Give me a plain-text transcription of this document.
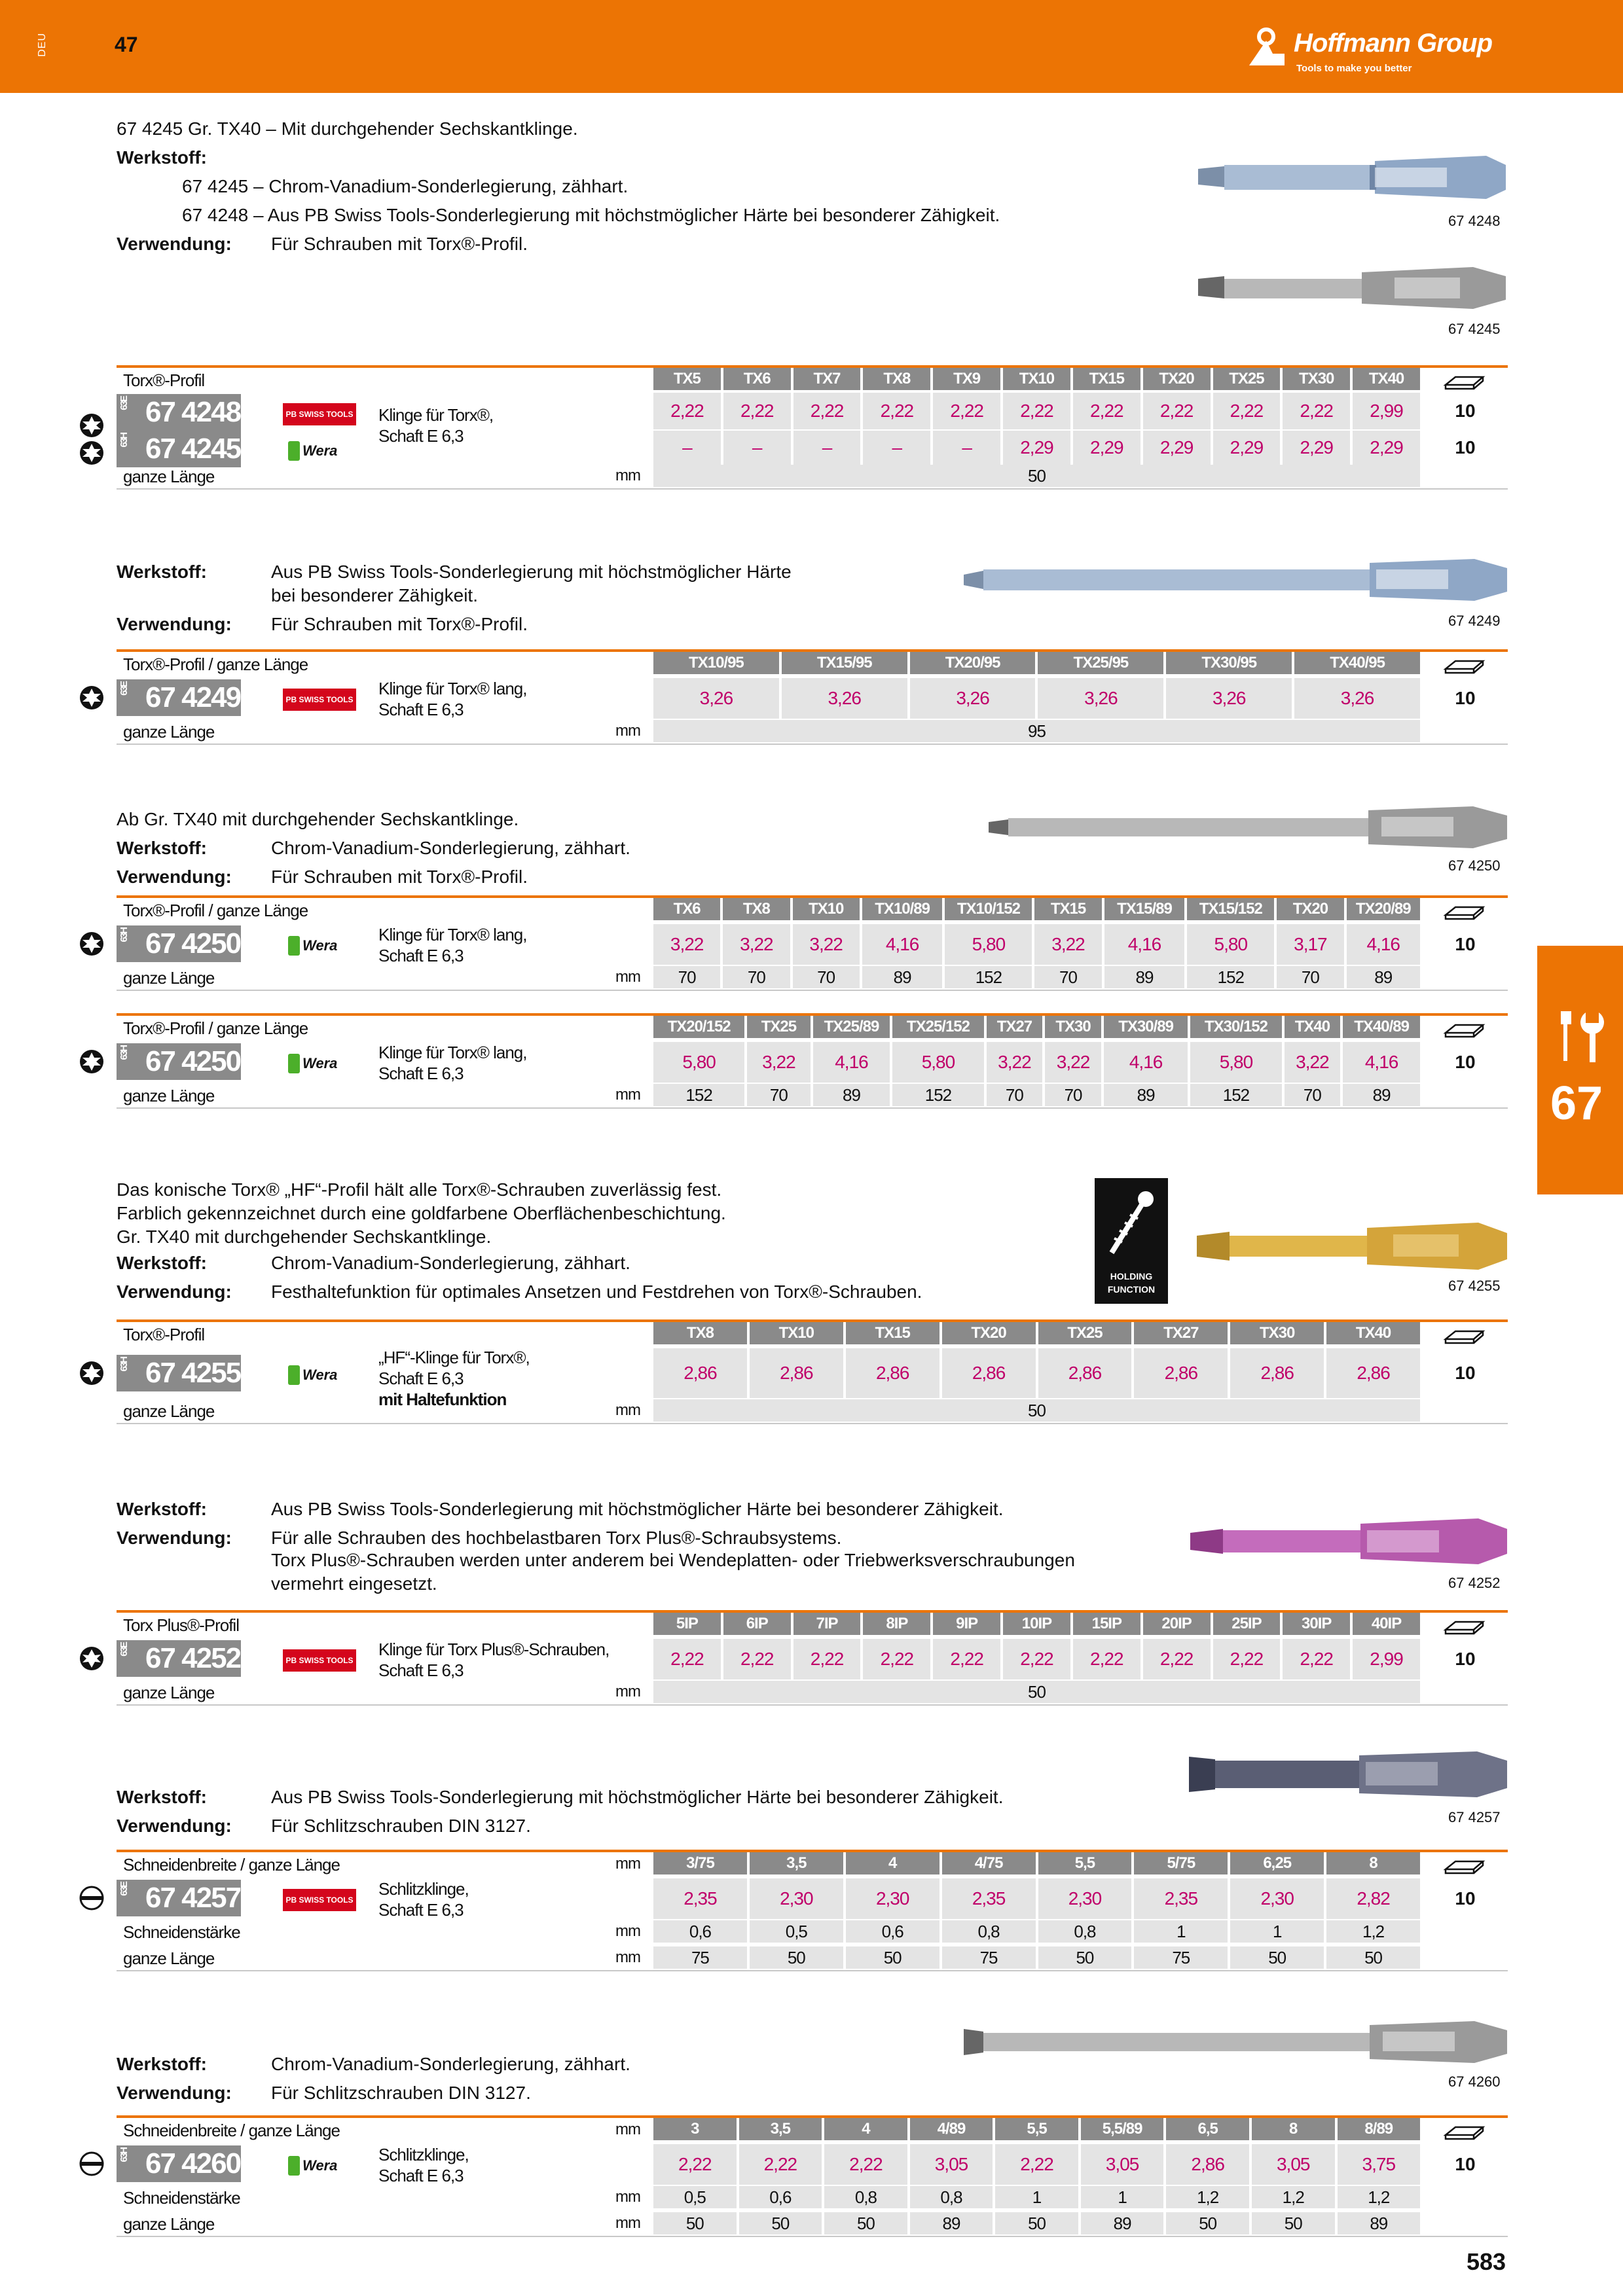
DEU	47	Hoffmann Group
Tools to make you better
67
67 4245 Gr. TX40 – Mit durchgehender Sechskantklinge.
Werkstoff:
67 4245 – Chrom-Vanadium-Sonderlegierung, zähhart.
67 4248 – Aus PB Swiss Tools-Sonderlegierung mit höchstmöglicher Härte bei besonderer Zähigkeit.
Verwendung:	Für Schrauben mit Torx®-Profil.
67 4248
67 4245
Torx®-Profil	TX5	TX6	TX7	TX8	TX9	TX10	TX15	TX20	TX25	TX30	TX40
63E 67 4248	PB SWISS TOOLS Klinge für Torx®,
Schaft E 6,3
63H 67 4245	Wera
2,22	2,22	2,22	2,22	2,22	2,22	2,22	2,22	2,22	2,22	2,99	10
–	–	–	–	–	2,29	2,29	2,29	2,29	2,29	2,29	10
ganze Länge	mm	50
Werkstoff:	Aus PB Swiss Tools-Sonderlegierung mit höchstmöglicher Härte
bei besonderer Zähigkeit.
Verwendung:	Für Schrauben mit Torx®-Profil.	67 4249
Torx®-Profil / ganze Länge	TX10/95	TX15/95	TX20/95	TX25/95	TX30/95	TX40/95
63E 67 4249	PB SWISS TOOLS
Klinge für Torx® lang,
Schaft E 6,3
3,26	3,26	3,26	3,26	3,26	3,26	10
ganze Länge	mm	95
Ab Gr. TX40 mit durchgehender Sechskantklinge.
Werkstoff:	Chrom-Vanadium-Sonderlegierung, zähhart.
Verwendung:	Für Schrauben mit Torx®-Profil.
67 4250
Torx®-Profil / ganze Länge	TX6	TX8	TX10	TX10/89	TX10/152	TX15	TX15/89	TX15/152	TX20	TX20/89
63H 67 4250	Wera
Klinge für Torx® lang,
Schaft E 6,3
3,22	3,22	3,22	4,16	5,80	3,22	4,16	5,80	3,17	4,16	10
ganze Länge	mm	70	70	70	89	152	70	89	152	70	89
Torx®-Profil / ganze Länge	TX20/152	TX25	TX25/89	TX25/152	TX27	TX30	TX30/89	TX30/152	TX40	TX40/89
63H 67 4250	Wera
Klinge für Torx® lang,
Schaft E 6,3
5,80	3,22	4,16	5,80	3,22	3,22	4,16	5,80	3,22	4,16	10
ganze Länge	mm	152	70	89	152	70	70	89	152	70	89
Das konische Torx® „HF“-Profil hält alle Torx®-Schrauben zuverlässig fest.
Farblich gekennzeichnet durch eine goldfarbene Oberflächenbeschichtung.
Gr. TX40 mit durchgehender Sechskantklinge.
Werkstoff:	Chrom-Vanadium-Sonderlegierung, zähhart.
Verwendung:	Festhaltefunktion für optimales Ansetzen und Festdrehen von Torx®-Schrauben.
HOLDING
FUNCTION	67 4255
Torx®-Profil	TX8	TX10	TX15	TX20	TX25	TX27	TX30	TX40
63H 67 4255	Wera
„HF“-Klinge für Torx®,
Schaft E 6,3
mit Haltefunktion
2,86	2,86	2,86	2,86	2,86	2,86	2,86	2,86	10
ganze Länge	mm	50
Werkstoff:	Aus PB Swiss Tools-Sonderlegierung mit höchstmöglicher Härte bei besonderer Zähigkeit.
Verwendung:	Für alle Schrauben des hochbelastbaren Torx Plus®-Schraubsystems.
Torx Plus®-Schrauben werden unter anderem bei Wendeplatten- oder Triebwerksverschraubungen
vermehrt eingesetzt.	67 4252
Torx Plus®-Profil	5IP	6IP	7IP	8IP	9IP	10IP	15IP	20IP	25IP	30IP	40IP
63E 67 4252	PB SWISS TOOLS
Klinge für Torx Plus®-Schrauben,
Schaft E 6,3
2,22	2,22	2,22	2,22	2,22	2,22	2,22	2,22	2,22	2,22	2,99	10
ganze Länge	mm	50
Werkstoff:	Aus PB Swiss Tools-Sonderlegierung mit höchstmöglicher Härte bei besonderer Zähigkeit.
Verwendung:	Für Schlitzschrauben DIN 3127.	67 4257
Schneidenbreite / ganze Länge	mm	3/75	3,5	4	4/75	5,5	5/75	6,25	8
63E 67 4257	PB SWISS TOOLS
Schlitzklinge,
Schaft E 6,3
2,35	2,30	2,30	2,35	2,30	2,35	2,30	2,82	10
Schneidenstärke	mm	0,6	0,5	0,6	0,8	0,8	1	1	1,2
ganze Länge	mm	75	50	50	75	50	75	50	50
Werkstoff:	Chrom-Vanadium-Sonderlegierung, zähhart.
Verwendung:	Für Schlitzschrauben DIN 3127.
67 4260
Schneidenbreite / ganze Länge	mm	3	3,5	4	4/89	5,5	5,5/89	6,5	8	8/89
63H 67 4260	Wera
Schlitzklinge,
Schaft E 6,3
2,22	2,22	2,22	3,05	2,22	3,05	2,86	3,05	3,75	10
Schneidenstärke	mm	0,5	0,6	0,8	0,8	1	1	1,2	1,2	1,2
ganze Länge	mm	50	50	50	89	50	89	50	50	89
583
